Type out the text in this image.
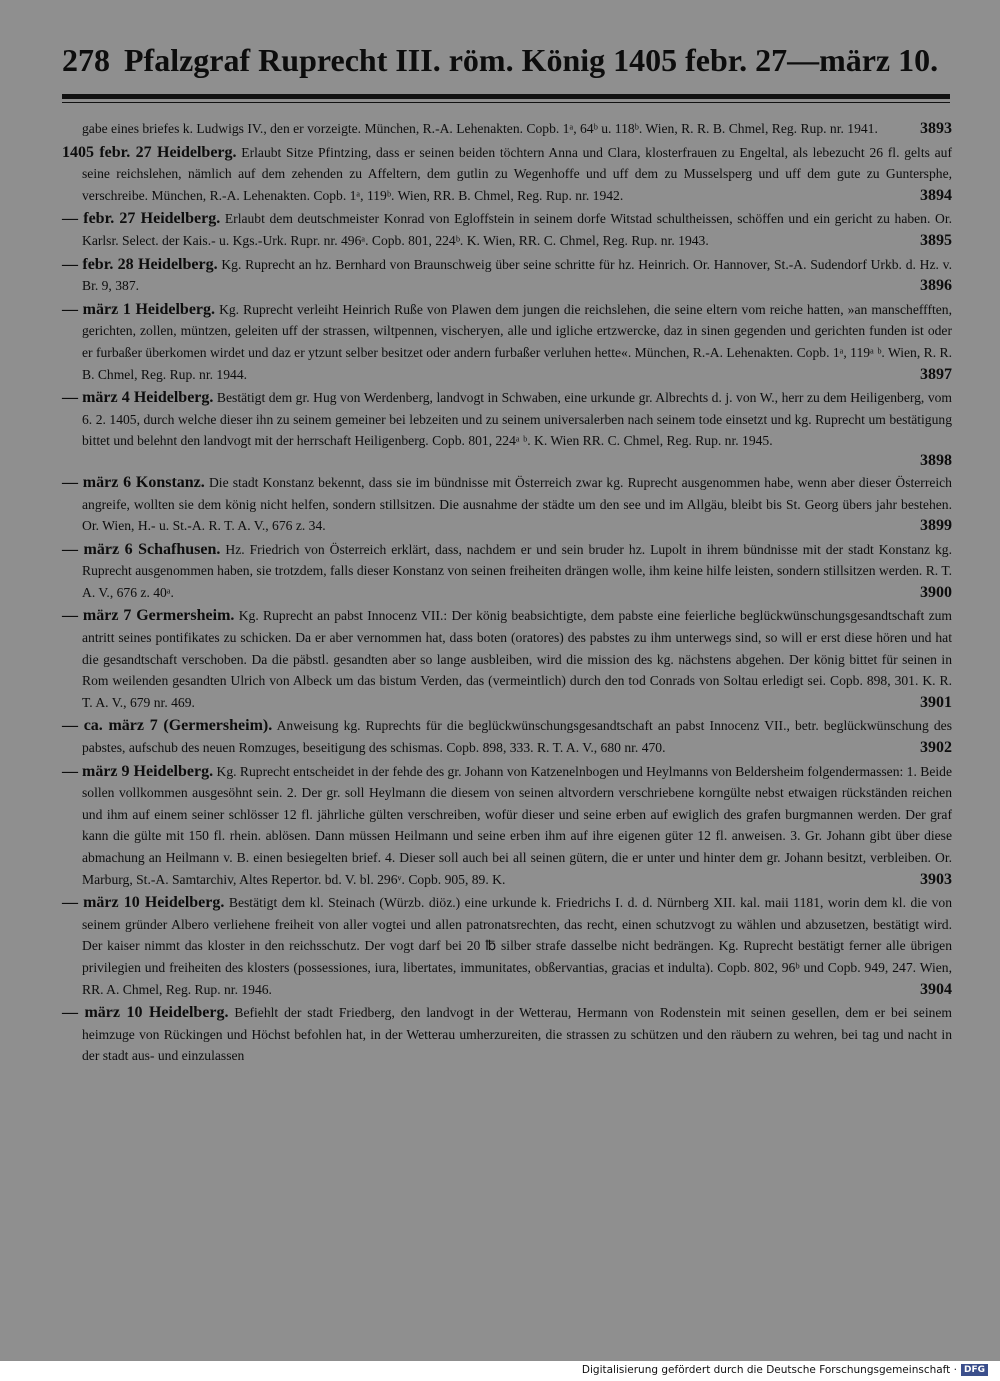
278 Pfalzgraf Ruprecht III. röm. König 1405 febr. 27—märz 10.
gabe eines briefes k. Ludwigs IV., den er vorzeigte. München, R.-A. Lehenakten. Copb. 1ᵃ, 64ᵇ u. 118ᵇ. Wien, R. R. B. Chmel, Reg. Rup. nr. 1941.	3893
1405 febr. 27 Heidelberg. Erlaubt Sitze Pfintzing, dass er seinen beiden töchtern Anna und Clara, klosterfrauen zu Engeltal, als lebezucht 26 fl. gelts auf seine reichslehen, nämlich auf dem zehenden zu Affeltern, dem gutlin zu Wegenhoffe und uff dem zu Musselsperg und uff dem gute zu Guntersphe, verschreibe. München, R.-A. Lehenakten. Copb. 1ᵃ, 119ᵇ. Wien, RR. B. Chmel, Reg. Rup. nr. 1942.	3894
— febr. 27 Heidelberg. Erlaubt dem deutschmeister Konrad von Egloffstein in seinem dorfe Witstad schultheissen, schöffen und ein gericht zu haben. Or. Karlsr. Select. der Kais.- u. Kgs.-Urk. Rupr. nr. 496ᵃ. Copb. 801, 224ᵇ. K. Wien, RR. C. Chmel, Reg. Rup. nr. 1943.	3895
— febr. 28 Heidelberg. Kg. Ruprecht an hz. Bernhard von Braunschweig über seine schritte für hz. Heinrich. Or. Hannover, St.-A. Sudendorf Urkb. d. Hz. v. Br. 9, 387.	3896
— märz 1 Heidelberg. Kg. Ruprecht verleiht Heinrich Ruße von Plawen dem jungen die reichslehen, die seine eltern vom reiche hatten, »an manscheffften, gerichten, zollen, müntzen, geleiten uff der strassen, wiltpennen, vischeryen, alle und igliche ertzwercke, daz in sinen gegenden und gerichten funden ist oder er furbaßer überkomen wirdet und daz er ytzunt selber besitzet oder andern furbaßer verluhen hette«. München, R.-A. Lehenakten. Copb. 1ᵃ, 119ᵃ ᵇ. Wien, R. R. B. Chmel, Reg. Rup. nr. 1944.	3897
— märz 4 Heidelberg. Bestätigt dem gr. Hug von Werdenberg, landvogt in Schwaben, eine urkunde gr. Albrechts d. j. von W., herr zu dem Heiligenberg, vom 6. 2. 1405, durch welche dieser ihn zu seinem gemeiner bei lebzeiten und zu seinem universalerben nach seinem tode einsetzt und kg. Ruprecht um bestätigung bittet und belehnt den landvogt mit der herrschaft Heiligenberg. Copb. 801, 224ᵃ ᵇ. K. Wien RR. C. Chmel, Reg. Rup. nr. 1945.
3898
— märz 6 Konstanz. Die stadt Konstanz bekennt, dass sie im bündnisse mit Österreich zwar kg. Ruprecht ausgenommen habe, wenn aber dieser Österreich angreife, wollten sie dem könig nicht helfen, sondern stillsitzen. Die ausnahme der städte um den see und im Allgäu, bleibt bis St. Georg übers jahr bestehen. Or. Wien, H.- u. St.-A. R. T. A. V., 676 z. 34.	3899
— märz 6 Schafhusen. Hz. Friedrich von Österreich erklärt, dass, nachdem er und sein bruder hz. Lupolt in ihrem bündnisse mit der stadt Konstanz kg. Ruprecht ausgenommen haben, sie trotzdem, falls dieser Konstanz von seinen freiheiten drängen wolle, ihm keine hilfe leisten, sondern stillsitzen werden. R. T. A. V., 676 z. 40ᵃ.	3900
— märz 7 Germersheim. Kg. Ruprecht an pabst Innocenz VII.: Der könig beabsichtigte, dem pabste eine feierliche beglückwünschungsgesandtschaft zum antritt seines pontifikates zu schicken. Da er aber vernommen hat, dass boten (oratores) des pabstes zu ihm unterwegs sind, so will er erst diese hören und hat die gesandtschaft verschoben. Da die päbstl. gesandten aber so lange ausbleiben, wird die mission des kg. nächstens abgehen. Der könig bittet für seinen in Rom weilenden gesandten Ulrich von Albeck um das bistum Verden, das (vermeintlich) durch den tod Conrads von Soltau erledigt sei. Copb. 898, 301. K. R. T. A. V., 679 nr. 469.	3901
— ca. märz 7 (Germersheim). Anweisung kg. Ruprechts für die beglückwünschungsgesandtschaft an pabst Innocenz VII., betr. beglückwünschung des pabstes, aufschub des neuen Romzuges, beseitigung des schismas. Copb. 898, 333. R. T. A. V., 680 nr. 470.	3902
— märz 9 Heidelberg. Kg. Ruprecht entscheidet in der fehde des gr. Johann von Katzenelnbogen und Heylmanns von Beldersheim folgendermassen: 1. Beide sollen vollkommen ausgesöhnt sein. 2. Der gr. soll Heylmann die diesem von seinen altvordern verschriebene korngülte nebst etwaigen rückständen reichen und ihm auf einem seiner schlösser 12 fl. jährliche gülten verschreiben, wofür dieser und seine erben auf ewiglich des grafen burgmannen werden. Der graf kann die gülte mit 150 fl. rhein. ablösen. Dann müssen Heilmann und seine erben ihm auf ihre eigenen güter 12 fl. anweisen. 3. Gr. Johann gibt über diese abmachung an Heilmann v. B. einen besiegelten brief. 4. Dieser soll auch bei all seinen gütern, die er unter und hinter dem gr. Johann besitzt, verbleiben. Or. Marburg, St.-A. Samtarchiv, Altes Repertor. bd. V. bl. 296ᵛ. Copb. 905, 89. K.	3903
— märz 10 Heidelberg. Bestätigt dem kl. Steinach (Würzb. diöz.) eine urkunde k. Friedrichs I. d. d. Nürnberg XII. kal. maii 1181, worin dem kl. die von seinem gründer Albero verliehene freiheit von aller vogtei und allen patronatsrechten, das recht, einen schutzvogt zu wählen und abzusetzen, bestätigt wird. Der kaiser nimmt das kloster in den reichsschutz. Der vogt darf bei 20 ℔ silber strafe dasselbe nicht bedrängen. Kg. Ruprecht bestätigt ferner alle übrigen privilegien und freiheiten des klosters (possessiones, iura, libertates, immunitates, obßervantias, gracias et indulta). Copb. 802, 96ᵇ und Copb. 949, 247. Wien, RR. A. Chmel, Reg. Rup. nr. 1946.	3904
— märz 10 Heidelberg. Befiehlt der stadt Friedberg, den landvogt in der Wetterau, Hermann von Rodenstein mit seinen gesellen, dem er bei seinem heimzuge von Rückingen und Höchst befohlen hat, in der Wetterau umherzureiten, die strassen zu schützen und den räubern zu wehren, bei tag und nacht in der stadt aus- und einzulassen
Digitalisierung gefördert durch die Deutsche Forschungsgemeinschaft · DFG
